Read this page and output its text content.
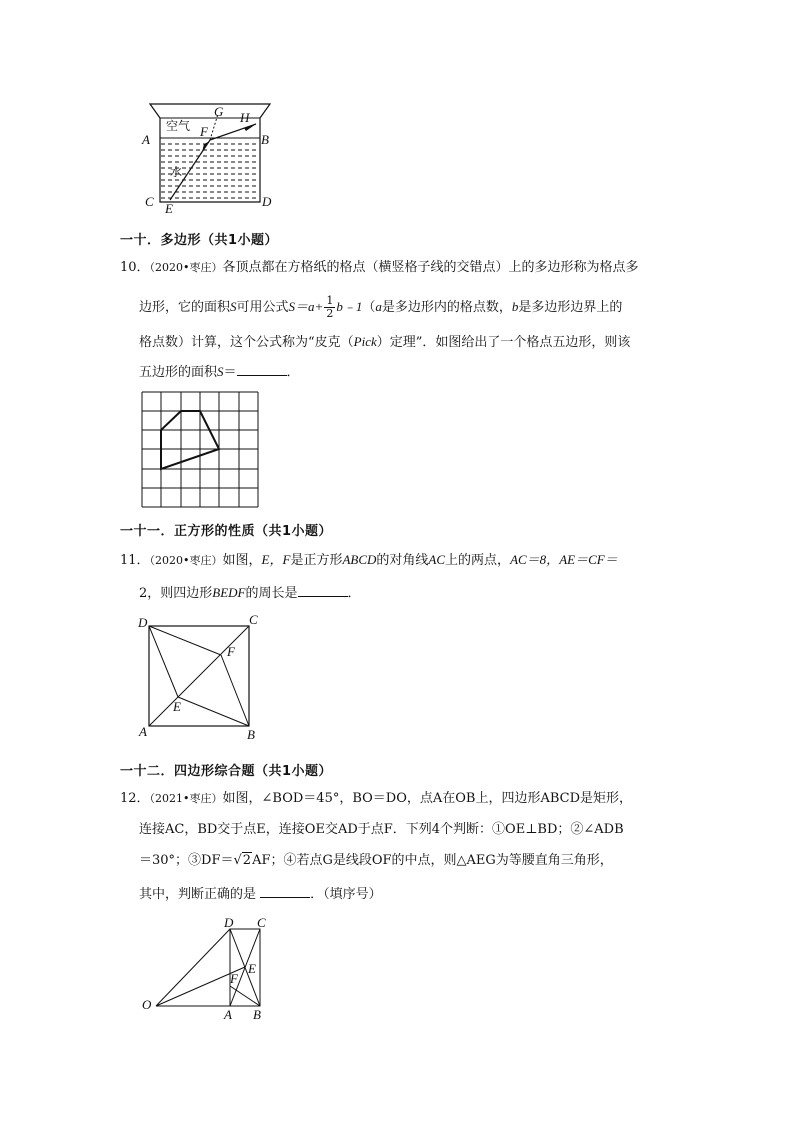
空气
水
G H
F
A	B
C	D
E
一十．多边形（共1小题）
10．（2020•枣庄）各顶点都在方格纸的格点（横竖格子线的交错点）上的多边形称为格点多
边形，它的面积S可用公式$S=a+ \frac{1}{2}$ b﹣1（a是多边形内的格点数，b是多边形边界上的
格点数）计算，这个公式称为“皮克（Pick）定理”．如图给出了一个格点五边形，则该
五边形的面积S＝	．
一十一．正方形的性质（共1小题）
11．（2020•枣庄）如图，E，F是正方形ABCD的对角线AC上的两点，AC＝8，AE＝CF＝
2，则四边形BEDF的周长是	．
D	C
F
E
A	B
一十二．四边形综合题（共1小题）
12．（2021•枣庄）如图，∠BOD＝45°，BO＝DO，点A在OB上，四边形ABCD是矩形，
连接AC，BD交于点E，连接OE交AD于点F．下列4个判断：①OE⊥BD；②∠ADB
＝30°；③DF＝√2AF；④若点G是线段OF的中点，则△AEG为等腰直角三角形，
其中，判断正确的是	．（填序号）
D C
E
F
O
A B
